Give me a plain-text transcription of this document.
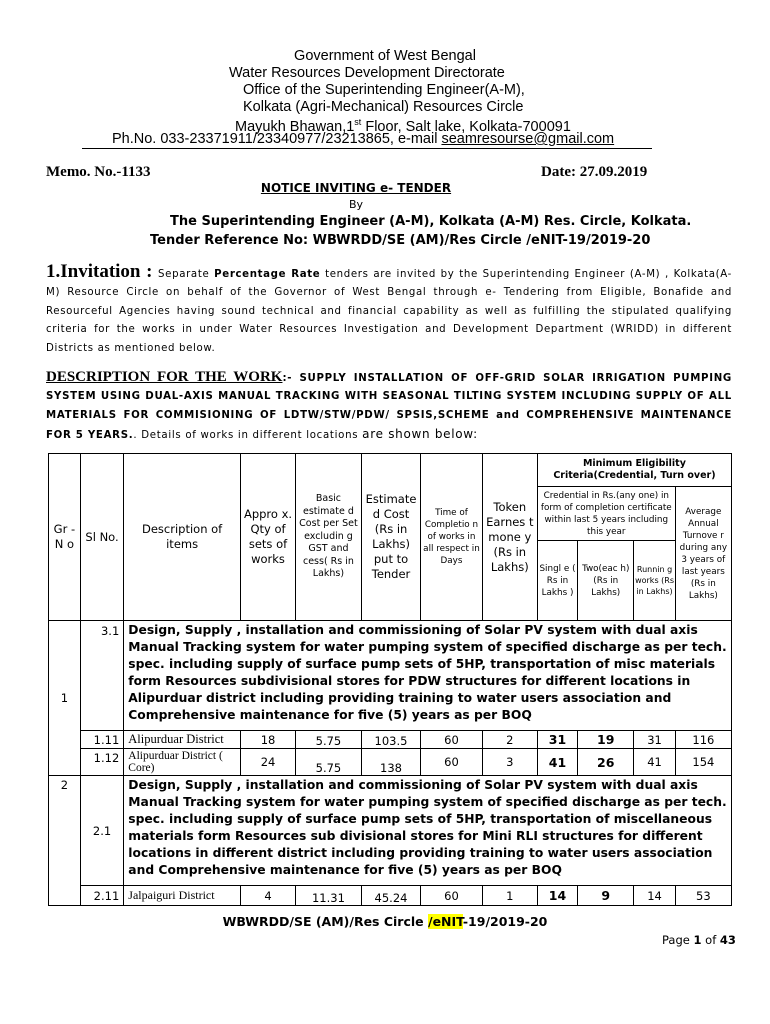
Government of West Bengal
Water Resources Development Directorate
Office of the Superintending Engineer(A-M),
Kolkata (Agri-Mechanical) Resources Circle
Mayukh Bhawan,1st Floor, Salt lake, Kolkata-700091
Ph.No. 033-23371911/23340977/23213865, e-mail seamresourse@gmail.com
Memo. No.-1133	Date: 27.09.2019
NOTICE INVITING e- TENDER
By
The Superintending Engineer (A-M), Kolkata (A-M) Res. Circle, Kolkata.
Tender Reference No: WBWRDD/SE (AM)/Res Circle /eNIT-19/2019-20
1.Invitation : Separate Percentage Rate tenders are invited by the Superintending Engineer (A-M) , Kolkata(A-M) Resource Circle on behalf of the Governor of West Bengal through e- Tendering from Eligible, Bonafide and Resourceful Agencies having sound technical and financial capability as well as fulfilling the stipulated qualifying criteria for the works in under Water Resources Investigation and Development Department (WRIDD) in different Districts as mentioned below.
DESCRIPTION FOR THE WORK:- SUPPLY INSTALLATION OF OFF-GRID SOLAR IRRIGATION PUMPING SYSTEM USING DUAL-AXIS MANUAL TRACKING WITH SEASONAL TILTING SYSTEM INCLUDING SUPPLY OF ALL MATERIALS FOR COMMISIONING OF LDTW/STW/PDW/ SPSIS,SCHEME and COMPREHENSIVE MAINTENANCE FOR 5 YEARS.. Details of works in different locations are shown below:
Gr - N o	Sl No.	Description of items	Appro x. Qty of sets of works	Basic estimate d Cost per Set excludin g GST and cess( Rs in Lakhs)	Estimate d Cost (Rs in Lakhs) put to Tender	Time of Completio n of works in all respect in Days	Token Earnes t mone y (Rs in Lakhs)	Minimum Eligibility Criteria(Credential, Turn over)			
								Credential in Rs.(any one) in form of completion certificate within last 5 years including this year			Average Annual Turnove r during any 3 years of last years (Rs in Lakhs)
								Singl e ( Rs in Lakhs )	Two(eac h) (Rs in Lakhs)	Runnin g works (Rs in Lakhs)	
1	3.1	Design, Supply , installation and commissioning of Solar PV system with dual axis Manual Tracking system for water pumping system of specified discharge as per tech. spec. including supply of surface pump sets of 5HP, transportation of misc materials form Resources subdivisional stores for PDW structures for different locations in Alipurduar district including providing training to water users association and Comprehensive maintenance for five (5) years as per BOQ									
	1.11	Alipurduar District	18	5.75	103.5	60	2	31	19	31	116
	1.12	Alipurduar District ( Core)	24	5.75	138	60	3	41	26	41	154
2	2.1	Design, Supply , installation and commissioning of Solar PV system with dual axis Manual Tracking system for water pumping system of specified discharge as per tech. spec. including supply of surface pump sets of 5HP, transportation of miscellaneous materials form Resources sub divisional stores for Mini RLI structures for different locations in different district including providing training to water users association and Comprehensive maintenance for five (5) years as per BOQ									
	2.11	Jalpaiguri District	4	11.31	45.24	60	1	14	9	14	53
WBWRDD/SE (AM)/Res Circle /eNIT-19/2019-20
Page 1 of 43
